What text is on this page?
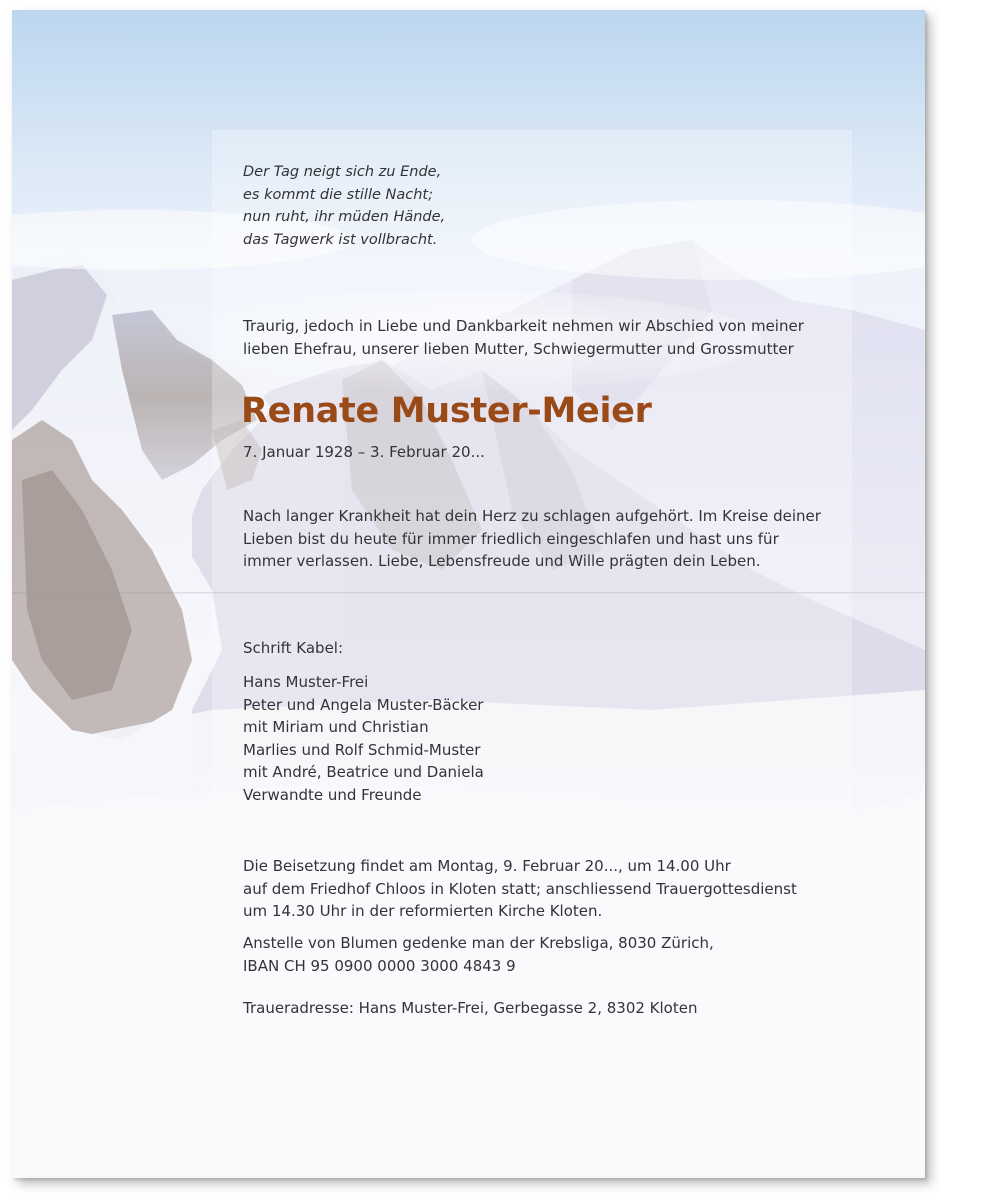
Der Tag neigt sich zu Ende,
es kommt die stille Nacht;
nun ruht, ihr müden Hände,
das Tagwerk ist vollbracht.

Traurig, jedoch in Liebe und Dankbarkeit nehmen wir Abschied von meiner
lieben Ehefrau, unserer lieben Mutter, Schwiegermutter und Grossmutter

Renate Muster-Meier

7. Januar 1928 – 3. Februar 20...

Nach langer Krankheit hat dein Herz zu schlagen aufgehört. Im Kreise deiner
Lieben bist du heute für immer friedlich eingeschlafen und hast uns für
immer verlassen. Liebe, Lebensfreude und Wille prägten dein Leben.

Schrift Kabel:

Hans Muster-Frei
Peter und Angela Muster-Bäcker
mit Miriam und Christian
Marlies und Rolf Schmid-Muster
mit André, Beatrice und Daniela
Verwandte und Freunde

Die Beisetzung findet am Montag, 9. Februar 20..., um 14.00 Uhr
auf dem Friedhof Chloos in Kloten statt; anschliessend Trauergottesdienst
um 14.30 Uhr in der reformierten Kirche Kloten.

Anstelle von Blumen gedenke man der Krebsliga, 8030 Zürich,
IBAN CH 95 0900 0000 3000 4843 9

Traueradresse: Hans Muster-Frei, Gerbegasse 2, 8302 Kloten
